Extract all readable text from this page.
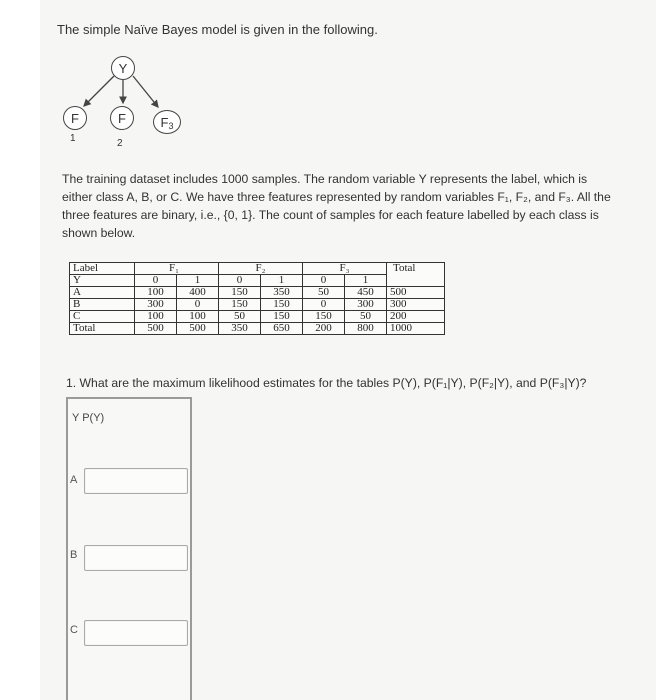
The simple Naïve Bayes model is given in the following.
Y
F
1
F
2
F 3
The training dataset includes 1000 samples. The random variable Y represents the label, which is
either class A, B, or C. We have three features represented by random variables F₁, F₂, and F₃. All the
three features are binary, i.e., {0, 1}. The count of samples for each feature labelled by each class is
shown below.
Label	F₁		F₂		F₃		Total
Y	0	1	0	1	0	1	
A	100	400	150	350	50	450	500
B	300	0	150	150	0	300	300
C	100	100	50	150	150	50	200
Total	500	500	350	650	200	800	1000
1. What are the maximum likelihood estimates for the tables P(Y), P(F₁|Y), P(F₂|Y), and P(F₃|Y)?
Y P(Y)
A
B
C
